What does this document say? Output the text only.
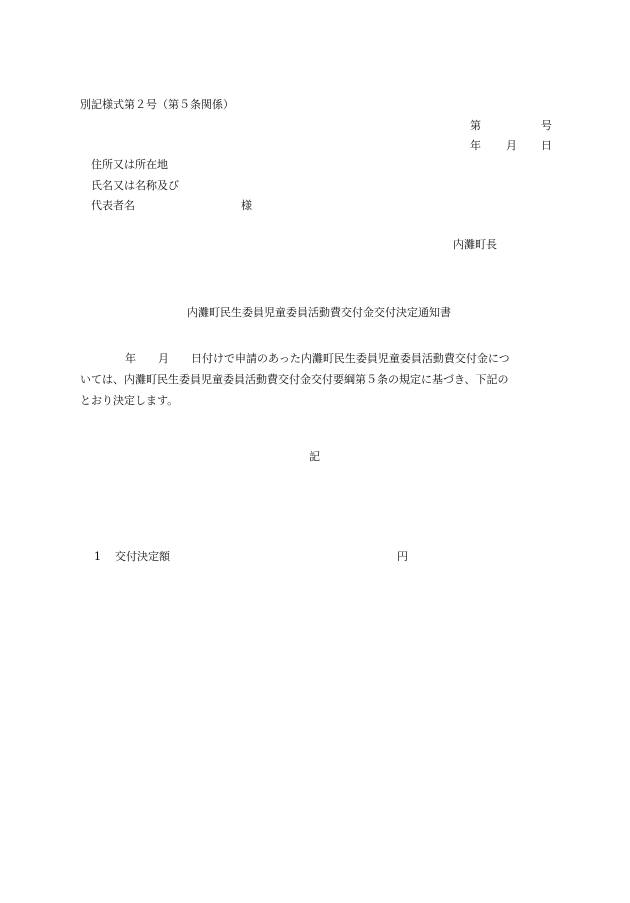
別記様式第２号（第５条関係）
第	号
年 月 日
住所又は所在地
氏名又は名称及び
代表者名	様
内灘町長
内灘町民生委員児童委員活動費交付金交付決定通知書
年 月 日付けで申請のあった内灘町民生委員児童委員活動費交付金につ
いては、内灘町民生委員児童委員活動費交付金交付要綱第５条の規定に基づき、下記の
とおり決定します。
記
1 交付決定額	円
